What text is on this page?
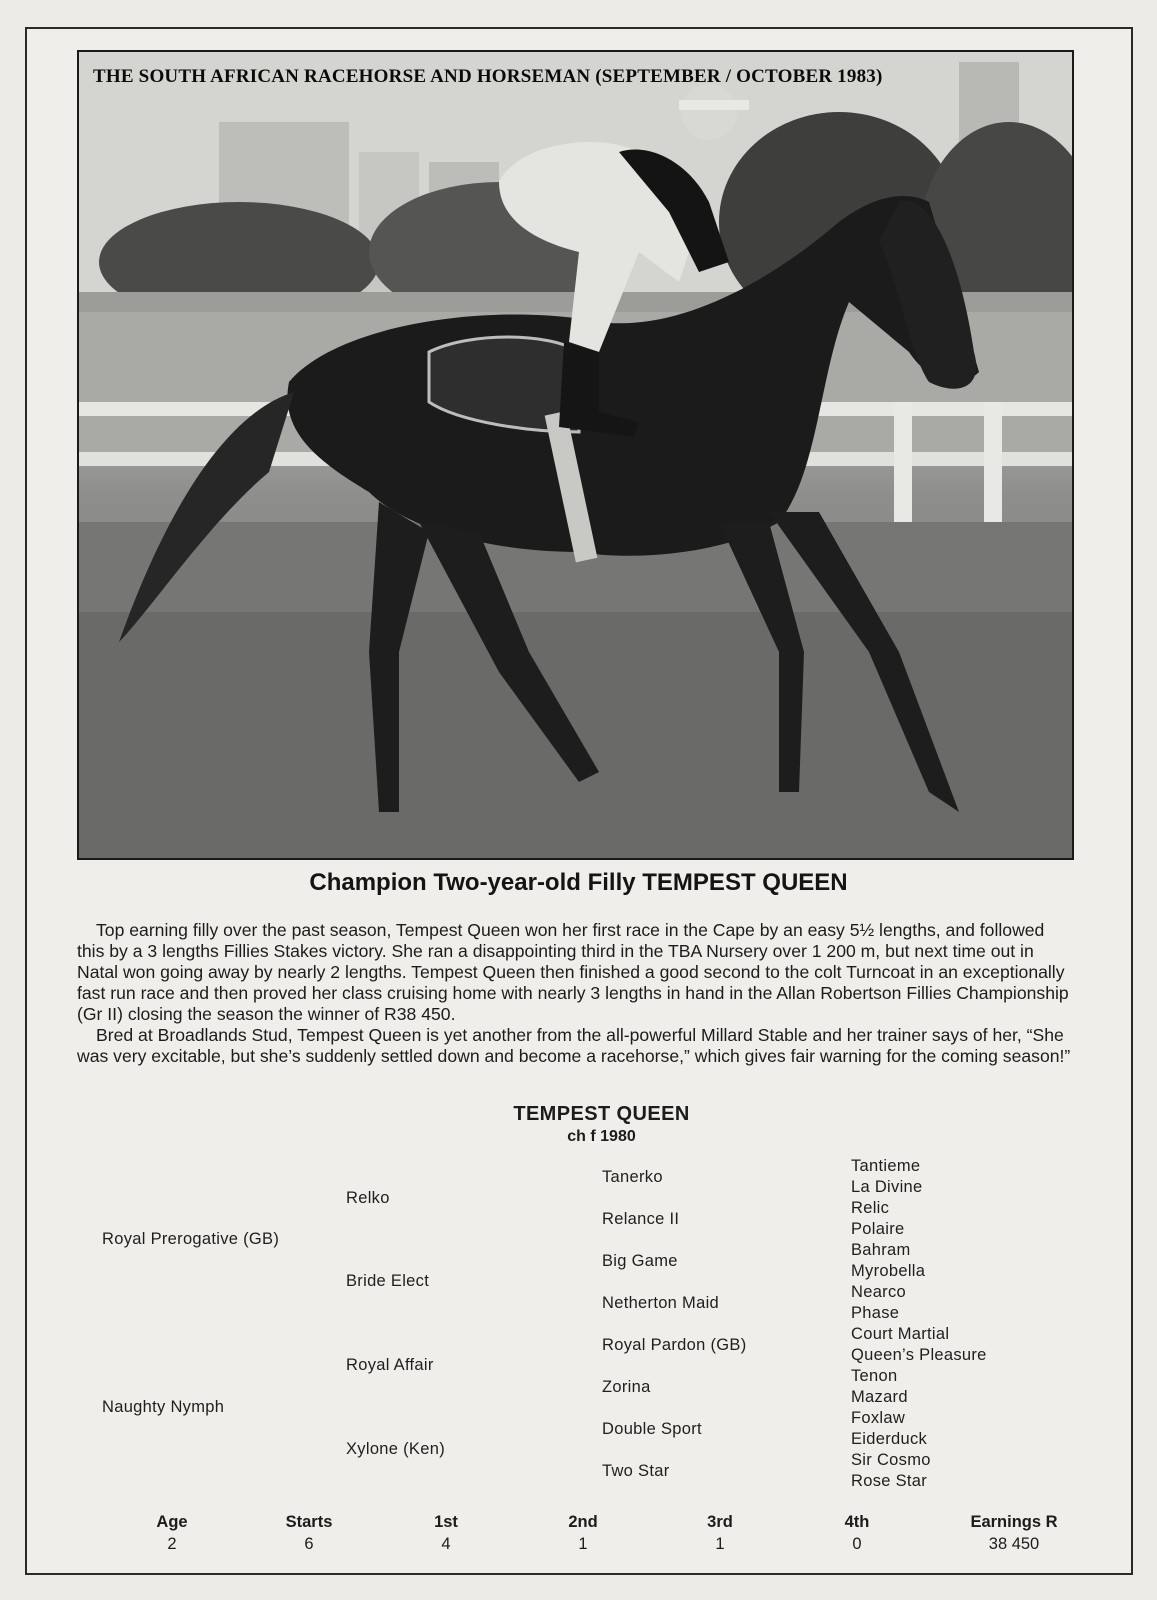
THE SOUTH AFRICAN RACEHORSE AND HORSEMAN (SEPTEMBER / OCTOBER 1983)
Champion Two-year-old Filly TEMPEST QUEEN

Top earning filly over the past season, Tempest Queen won her first race in the Cape by an easy 5½ lengths, and followed this by a 3 lengths Fillies Stakes victory. She ran a disappointing third in the TBA Nursery over 1 200 m, but next time out in Natal won going away by nearly 2 lengths. Tempest Queen then finished a good second to the colt Turncoat in an exceptionally fast run race and then proved her class cruising home with nearly 3 lengths in hand in the Allan Robertson Fillies Championship (Gr II) closing the season the winner of R38 450.

Bred at Broadlands Stud, Tempest Queen is yet another from the all-powerful Millard Stable and her trainer says of her, “She was very excitable, but she’s suddenly settled down and become a racehorse,” which gives fair warning for the coming season!”

TEMPEST QUEEN
ch f 1980
Royal Prerogative (GB)
Naughty Nymph
Relko
Bride Elect
Royal Affair
Xylone (Ken)
Tanerko
Relance II
Big Game
Netherton Maid
Royal Pardon (GB)
Zorina
Double Sport
Two Star
Tantieme
La Divine
Relic
Polaire
Bahram
Myrobella
Nearco
Phase
Court Martial
Queen’s Pleasure
Tenon
Mazard
Foxlaw
Eiderduck
Sir Cosmo
Rose Star
Age
2
Starts
6
1st
4
2nd
1
3rd
1
4th
0
Earnings R
38 450
